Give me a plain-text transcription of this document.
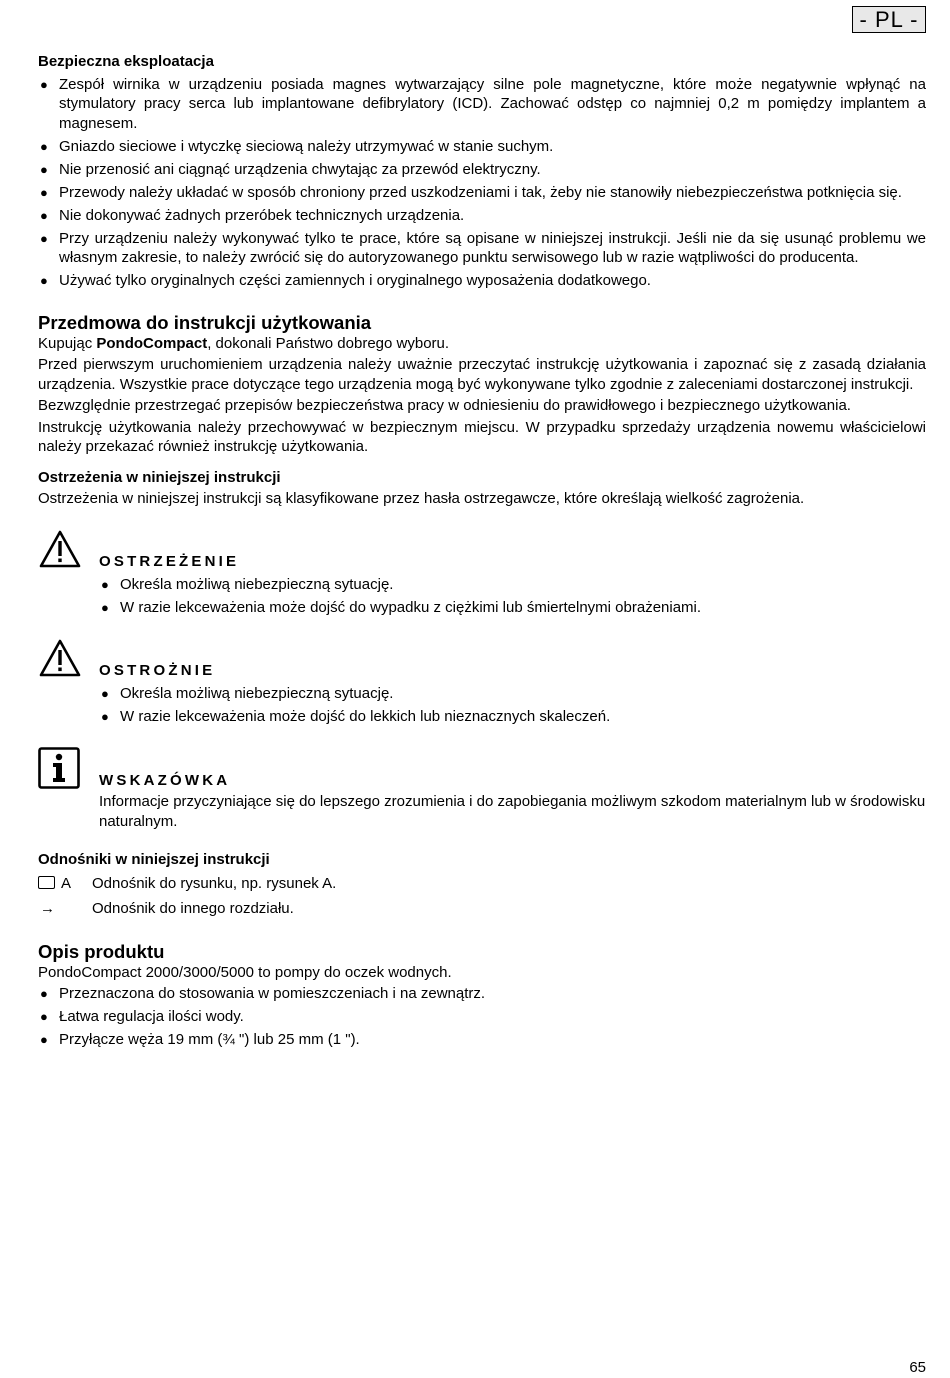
- PL -
Bezpieczna eksploatacja
● Zespół wirnika w urządzeniu posiada magnes wytwarzający silne pole magnetyczne, które może negatywnie wpłynąć na stymulatory pracy serca lub implantowane defibrylatory (ICD). Zachować odstęp co najmniej 0,2 m pomiędzy implantem a magnesem.
● Gniazdo sieciowe i wtyczkę sieciową należy utrzymywać w stanie suchym.
● Nie przenosić ani ciągnąć urządzenia chwytając za przewód elektryczny.
● Przewody należy układać w sposób chroniony przed uszkodzeniami i tak, żeby nie stanowiły niebezpieczeństwa potknięcia się.
● Nie dokonywać żadnych przeróbek technicznych urządzenia.
● Przy urządzeniu należy wykonywać tylko te prace, które są opisane w niniejszej instrukcji. Jeśli nie da się usunąć problemu we własnym zakresie, to należy zwrócić się do autoryzowanego punktu serwisowego lub w razie wątpliwości do producenta.
● Używać tylko oryginalnych części zamiennych i oryginalnego wyposażenia dodatkowego.
Przedmowa do instrukcji użytkowania

Kupując PondoCompact, dokonali Państwo dobrego wyboru.

Przed pierwszym uruchomieniem urządzenia należy uważnie przeczytać instrukcję użytkowania i zapoznać się z zasadą działania urządzenia. Wszystkie prace dotyczące tego urządzenia mogą być wykonywane tylko zgodnie z zaleceniami dostarczonej instrukcji.

Bezwzględnie przestrzegać przepisów bezpieczeństwa pracy w odniesieniu do prawidłowego i bezpiecznego użytkowania.

Instrukcję użytkowania należy przechowywać w bezpiecznym miejscu. W przypadku sprzedaży urządzenia nowemu właścicielowi należy przekazać również instrukcję użytkowania.

Ostrzeżenia w niniejszej instrukcji

Ostrzeżenia w niniejszej instrukcji są klasyfikowane przez hasła ostrzegawcze, które określają wielkość zagrożenia.

OSTRZEŻENIE
● Określa możliwą niebezpieczną sytuację.
● W razie lekceważenia może dojść do wypadku z ciężkimi lub śmiertelnymi obrażeniami.
OSTROŻNIE
● Określa możliwą niebezpieczną sytuację.
● W razie lekceważenia może dojść do lekkich lub nieznacznych skaleczeń.
WSKAZÓWKA

Informacje przyczyniające się do lepszego zrozumienia i do zapobiegania możliwym szkodom materialnym lub w środowisku naturalnym.

Odnośniki w niniejszej instrukcji
A Odnośnik do rysunku, np. rysunek A.
→ Odnośnik do innego rozdziału.
Opis produktu

PondoCompact 2000/3000/5000 to pompy do oczek wodnych.

● Przeznaczona do stosowania w pomieszczeniach i na zewnątrz.
● Łatwa regulacja ilości wody.
● Przyłącze węża 19 mm (¾ ") lub 25 mm (1 ").
65
